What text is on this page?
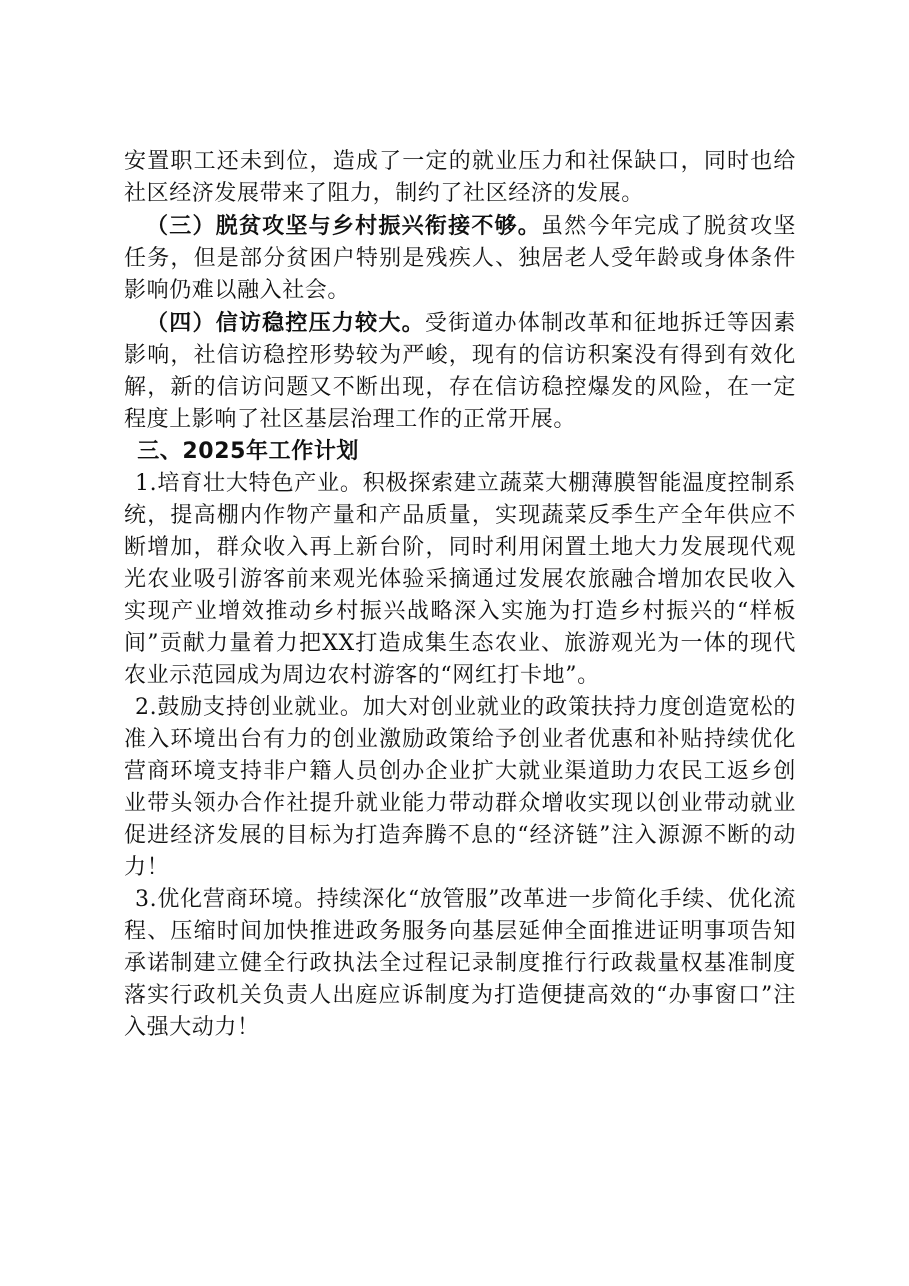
安置职工还未到位，造成了一定的就业压力和社保缺口，同时也给社区经济发展带来了阻力，制约了社区经济的发展。

（三）脱贫攻坚与乡村振兴衔接不够。虽然今年完成了脱贫攻坚任务，但是部分贫困户特别是残疾人、独居老人受年龄或身体条件影响仍难以融入社会。

（四）信访稳控压力较大。受街道办体制改革和征地拆迁等因素影响，社信访稳控形势较为严峻，现有的信访积案没有得到有效化解，新的信访问题又不断出现，存在信访稳控爆发的风险，在一定程度上影响了社区基层治理工作的正常开展。

三、2025年工作计划

1.培育壮大特色产业。积极探索建立蔬菜大棚薄膜智能温度控制系统，提高棚内作物产量和产品质量，实现蔬菜反季生产全年供应不断增加，群众收入再上新台阶，同时利用闲置土地大力发展现代观光农业吸引游客前来观光体验采摘通过发展农旅融合增加农民收入实现产业增效推动乡村振兴战略深入实施为打造乡村振兴的“样板间”贡献力量着力把XX打造成集生态农业、旅游观光为一体的现代农业示范园成为周边农村游客的“网红打卡地”。

2.鼓励支持创业就业。加大对创业就业的政策扶持力度创造宽松的准入环境出台有力的创业激励政策给予创业者优惠和补贴持续优化营商环境支持非户籍人员创办企业扩大就业渠道助力农民工返乡创业带头领办合作社提升就业能力带动群众增收实现以创业带动就业促进经济发展的目标为打造奔腾不息的“经济链”注入源源不断的动力！

3.优化营商环境。持续深化“放管服”改革进一步简化手续、优化流程、压缩时间加快推进政务服务向基层延伸全面推进证明事项告知承诺制建立健全行政执法全过程记录制度推行行政裁量权基准制度落实行政机关负责人出庭应诉制度为打造便捷高效的“办事窗口”注入强大动力！
